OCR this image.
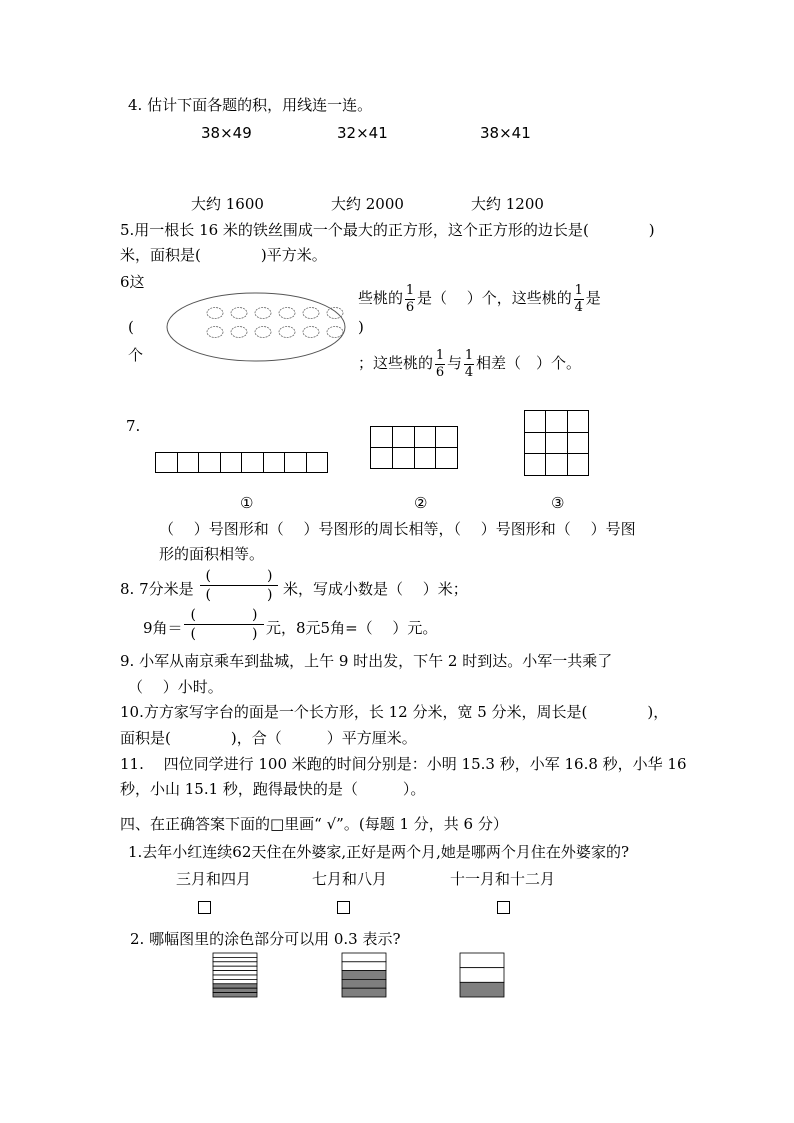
4. 估计下面各题的积，用线连一连。
38×49	32×41	38×41
大约 1600	大约 2000	大约 1200
5.用一根长 16 米的铁丝围成一个最大的正方形，这个正方形的边长是(　　　　)
米，面积是(　　　　)平方米。
6这
(
个
)
些桃的 $\frac{1}{6}$ 是（　 ）个，这些桃的 $\frac{1}{4}$ 是
；这些桃的 $\frac{1}{6}$ 与 $\frac{1}{4}$ 相差（　）个。
7.
①	②	③
（　 ）号图形和（　 ）号图形的周长相等，（　 ）号图形和（　 ）号图
形的面积相等。
8. 7分米是
(　　　　)
(　　　　) 米，写成小数是（　 ）米；
9角＝
(　　　　)
(　　　　) 元，8元5角=（　 ）元。
9. 小军从南京乘车到盐城，上午 9 时出发，下午 2 时到达。小军一共乘了
（　 ）小时。
10.方方家写字台的面是一个长方形，长 12 分米，宽 5 分米，周长是(　　　　)，
面积是(　　　　)，合（　　　）平方厘米。
11.　 四位同学进行 100 米跑的时间分别是：小明 15.3 秒，小军 16.8 秒，小华 16
秒，小山 15.1 秒，跑得最快的是（　　　）。
四、在正确答案下面的□里画“ √”。(每题 1 分，共 6 分）
1.去年小红连续62天住在外婆家,正好是两个月,她是哪两个月住在外婆家的?
三月和四月	七月和八月	十一月和十二月
2. 哪幅图里的涂色部分可以用 0.3 表示?
